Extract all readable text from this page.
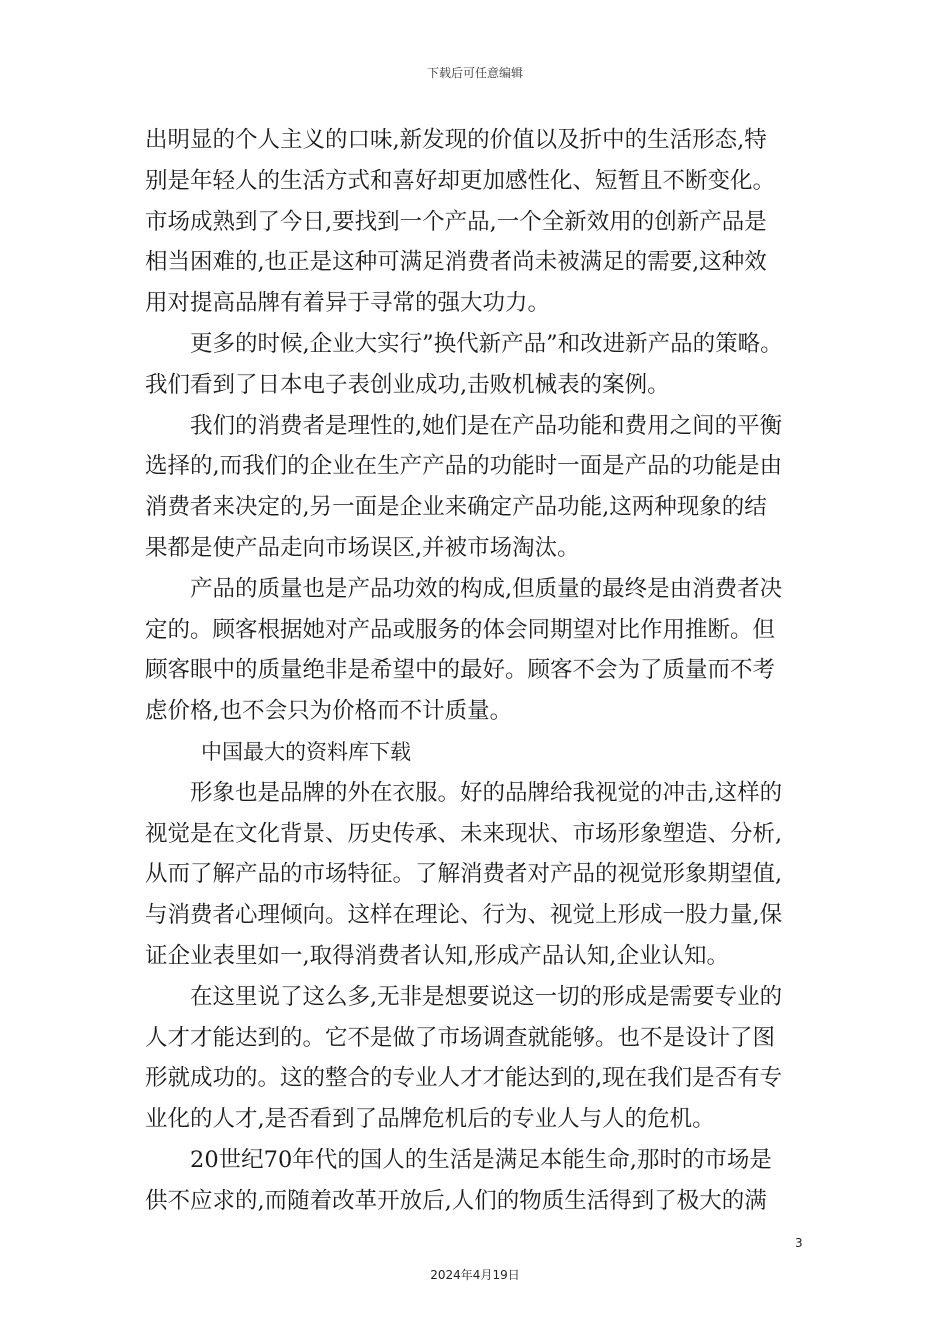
下载后可任意编辑
出明显的个人主义的口味,新发现的价值以及折中的生活形态,特
别是年轻人的生活方式和喜好却更加感性化、短暂且不断变化。
市场成熟到了今日,要找到一个产品,一个全新效用的创新产品是
相当困难的,也正是这种可满足消费者尚未被满足的需要,这种效
用对提高品牌有着异于寻常的强大功力。
更多的时候,企业大实行”换代新产品”和改进新产品的策略。
我们看到了日本电子表创业成功,击败机械表的案例。
我们的消费者是理性的,她们是在产品功能和费用之间的平衡
选择的,而我们的企业在生产产品的功能时一面是产品的功能是由
消费者来决定的,另一面是企业来确定产品功能,这两种现象的结
果都是使产品走向市场误区,并被市场淘汰。
产品的质量也是产品功效的构成,但质量的最终是由消费者决
定的。顾客根据她对产品或服务的体会同期望对比作用推断。但
顾客眼中的质量绝非是希望中的最好。顾客不会为了质量而不考
虑价格,也不会只为价格而不计质量。
中国最大的资料库下载
形象也是品牌的外在衣服。好的品牌给我视觉的冲击,这样的
视觉是在文化背景、历史传承、未来现状、市场形象塑造、分析,
从而了解产品的市场特征。了解消费者对产品的视觉形象期望值,
与消费者心理倾向。这样在理论、行为、视觉上形成一股力量,保
证企业表里如一,取得消费者认知,形成产品认知,企业认知。
在这里说了这么多,无非是想要说这一切的形成是需要专业的
人才才能达到的。它不是做了市场调查就能够。也不是设计了图
形就成功的。这的整合的专业人才才能达到的,现在我们是否有专
业化的人才,是否看到了品牌危机后的专业人与人的危机。
20世纪70年代的国人的生活是满足本能生命,那时的市场是
供不应求的,而随着改革开放后,人们的物质生活得到了极大的满
3
2024年4月19日
